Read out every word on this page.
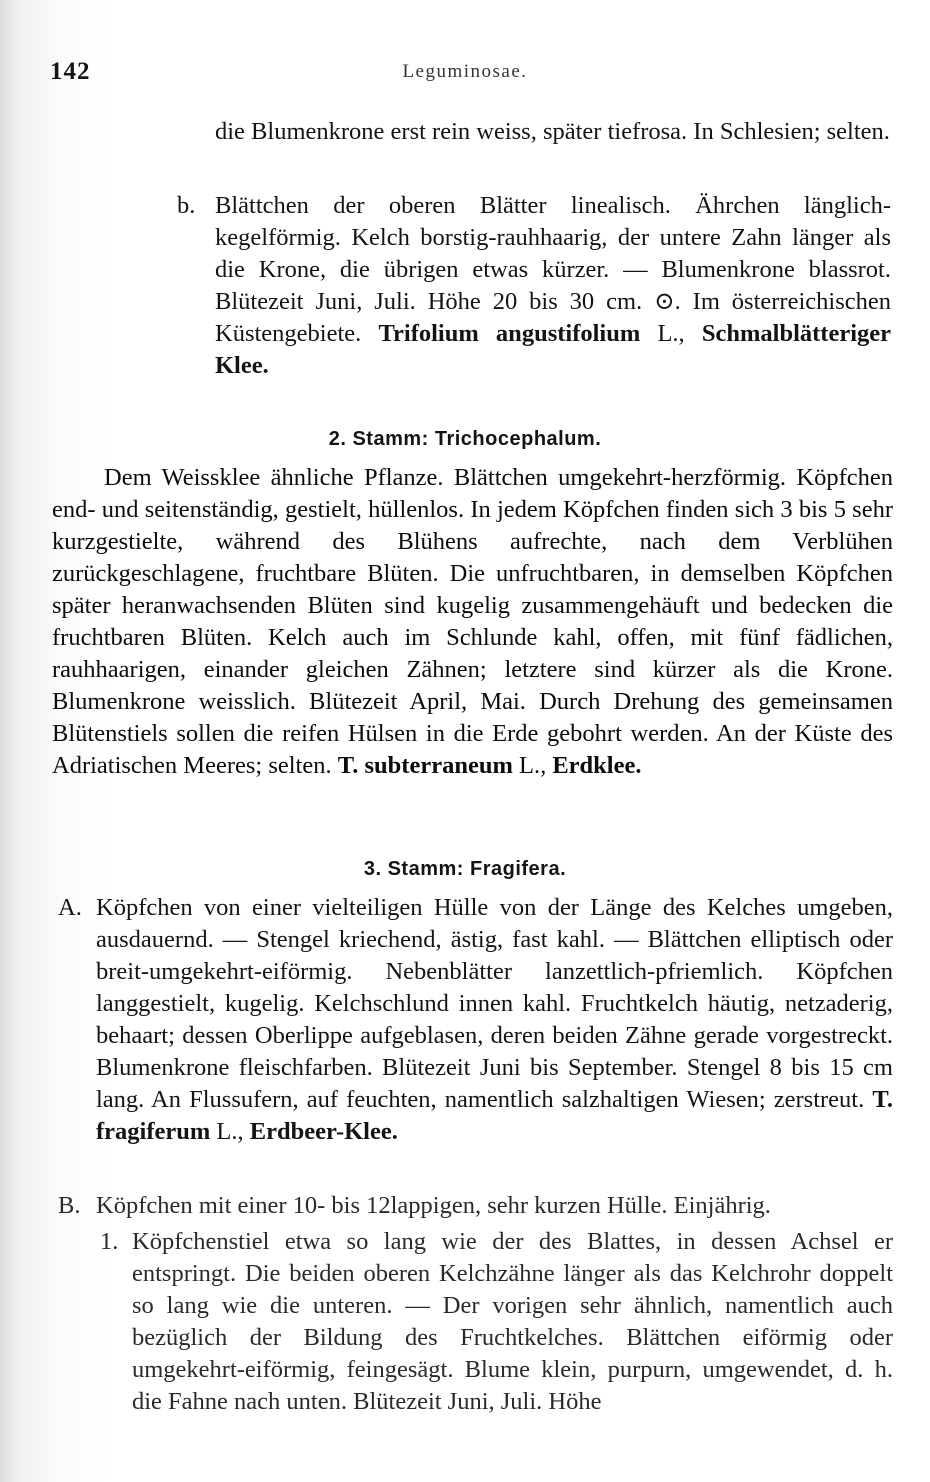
142	Leguminosae.
die Blumenkrone erst rein weiss, später tiefrosa. In Schlesien; selten.
b. Blättchen der oberen Blätter linealisch. Ährchen länglich-kegelförmig. Kelch borstig-rauhhaarig, der untere Zahn länger als die Krone, die übrigen etwas kürzer. — Blumenkrone blassrot. Blütezeit Juni, Juli. Höhe 20 bis 30 cm. ⊙. Im österreichischen Küstengebiete. Trifolium angustifolium L., Schmalblätteriger Klee.
2. Stamm: Trichocephalum.
Dem Weissklee ähnliche Pflanze. Blättchen umgekehrt-herzförmig. Köpfchen end- und seitenständig, gestielt, hüllenlos. In jedem Köpfchen finden sich 3 bis 5 sehr kurzgestielte, während des Blühens aufrechte, nach dem Verblühen zurückgeschlagene, fruchtbare Blüten. Die unfruchtbaren, in demselben Köpfchen später heranwachsenden Blüten sind kugelig zusammengehäuft und bedecken die fruchtbaren Blüten. Kelch auch im Schlunde kahl, offen, mit fünf fädlichen, rauhhaarigen, einander gleichen Zähnen; letztere sind kürzer als die Krone. Blumenkrone weisslich. Blütezeit April, Mai. Durch Drehung des gemeinsamen Blütenstiels sollen die reifen Hülsen in die Erde gebohrt werden. An der Küste des Adriatischen Meeres; selten. T. subterraneum L., Erdklee.
3. Stamm: Fragifera.
A. Köpfchen von einer vielteiligen Hülle von der Länge des Kelches umgeben, ausdauernd. — Stengel kriechend, ästig, fast kahl. — Blättchen elliptisch oder breit-umgekehrt-eiförmig. Nebenblätter lanzettlich-pfriemlich. Köpfchen langgestielt, kugelig. Kelchschlund innen kahl. Fruchtkelch häutig, netzaderig, behaart; dessen Oberlippe aufgeblasen, deren beiden Zähne gerade vorgestreckt. Blumenkrone fleischfarben. Blütezeit Juni bis September. Stengel 8 bis 15 cm lang. An Flussufern, auf feuchten, namentlich salzhaltigen Wiesen; zerstreut. T. fragiferum L., Erdbeer-Klee.
B. Köpfchen mit einer 10- bis 12lappigen, sehr kurzen Hülle. Einjährig.
1. Köpfchenstiel etwa so lang wie der des Blattes, in dessen Achsel er entspringt. Die beiden oberen Kelchzähne länger als das Kelchrohr doppelt so lang wie die unteren. — Der vorigen sehr ähnlich, namentlich auch bezüglich der Bildung des Fruchtkelches. Blättchen eiförmig oder umgekehrt-eiförmig, feingesägt. Blume klein, purpurn, umgewendet, d. h. die Fahne nach unten. Blütezeit Juni, Juli. Höhe
